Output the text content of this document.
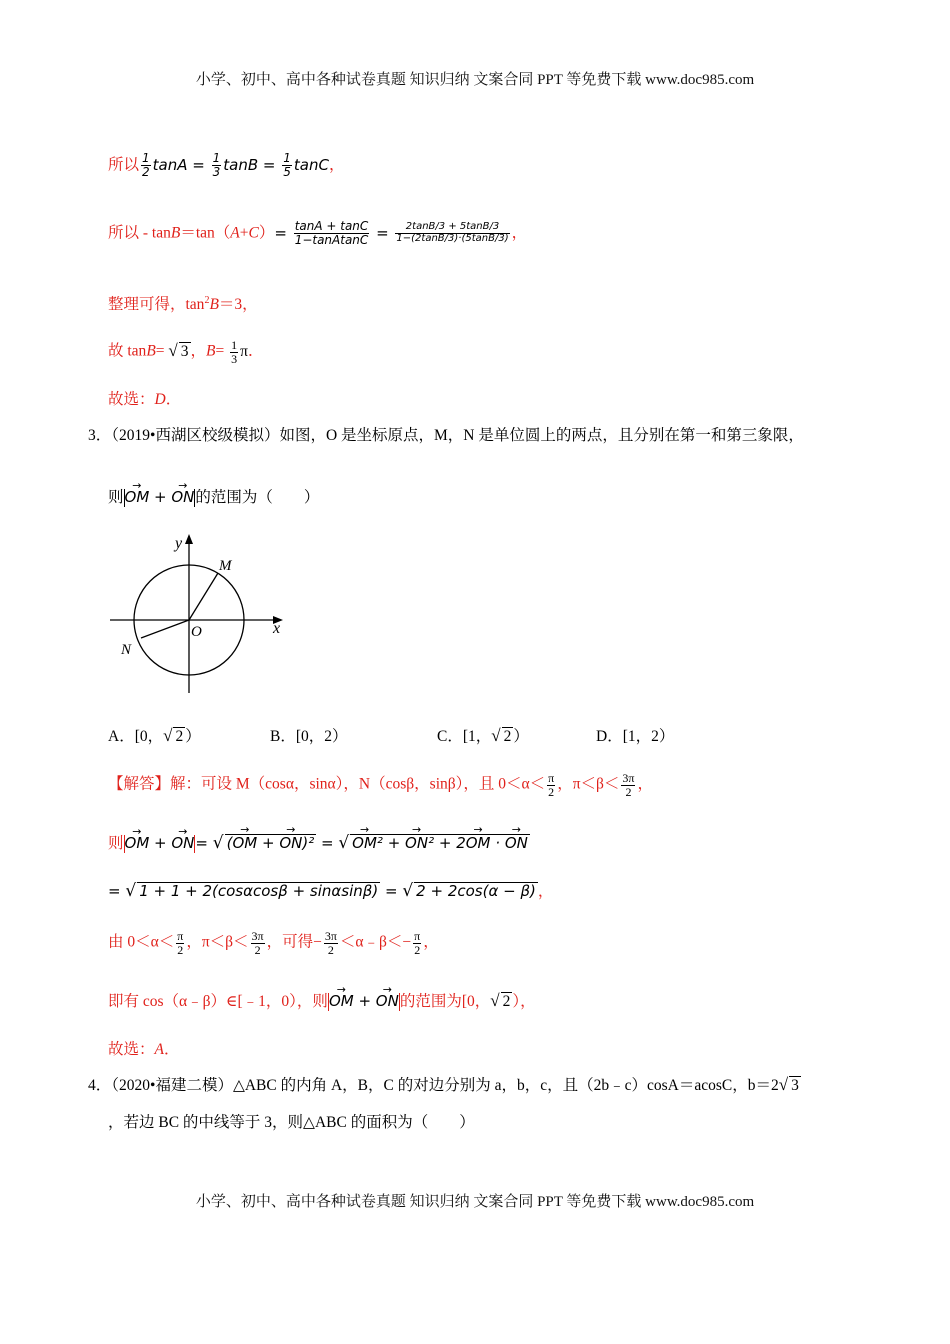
小学、初中、高中各种试卷真题 知识归纳 文案合同 PPT 等免费下载 www.doc985.com
小学、初中、高中各种试卷真题 知识归纳 文案合同 PPT 等免费下载 www.doc985.com
所以 $\frac{1}{2}$ $\tan A = \frac{1}{3}$ $\tan B = \frac{1}{5}$ tanC，
所以 - $\tan B=\tan(A+C)= \frac{\tan A + \tan C}{\text{1−tanAtanC}} = \frac{2\tan B/3 + 5\tan B/3}{1-(2\tan B/3)\cdot(5\tan B/3)}$ ，
整理可得，$\tan^2B=3$，
故 tanB= √ 3 ，$B= \frac{1}{3}$ π．
故选：D．
3．（2019•西湖区校级模拟）如图，O 是坐标原点，M，N 是单位圆上的两点，且分别在第一和第三象限，
则→ OM + → ON的范围为（　　）
y
x
O
M
N
A．[0，√ 2 ）	B．[0，2）	C．[1，√ 2 ）	D．[1，2）
【解答】解：可设 M（cosα，sinα），N（cosβ，sinβ），且 $0<\alpha< \frac{\pi}{2}$ ，$\pi<\beta< \frac{3\pi}{2}$ ，
则→ OM + → ON= √ (→ OM + → ON)² = √→ OM² + → ON² + 2→ OM · → ON
= √ 1 + 1 + 2(cosαcosβ + sinαsinβ) = √ 2 + 2cos(α − β) ，
由 $0<\alpha< \frac{\pi}{2}$ ，$\pi<\beta< \frac{3\pi}{2}$ ，可得− $\frac{3\pi}{2}$ ＜α﹣β＜− $\frac{\pi}{2}$ ，
即有 cos（α﹣β）∈[﹣1，0），则→ OM + → ON的范围为[0，√ 2 ），
故选：A．
4．（2020•福建二模）△ABC 的内角 A，B，C 的对边分别为 a，b，c，且（2b﹣c）cosA＝acosC，b＝2√ 3
，若边 BC 的中线等于 3，则△ABC 的面积为（　　）
